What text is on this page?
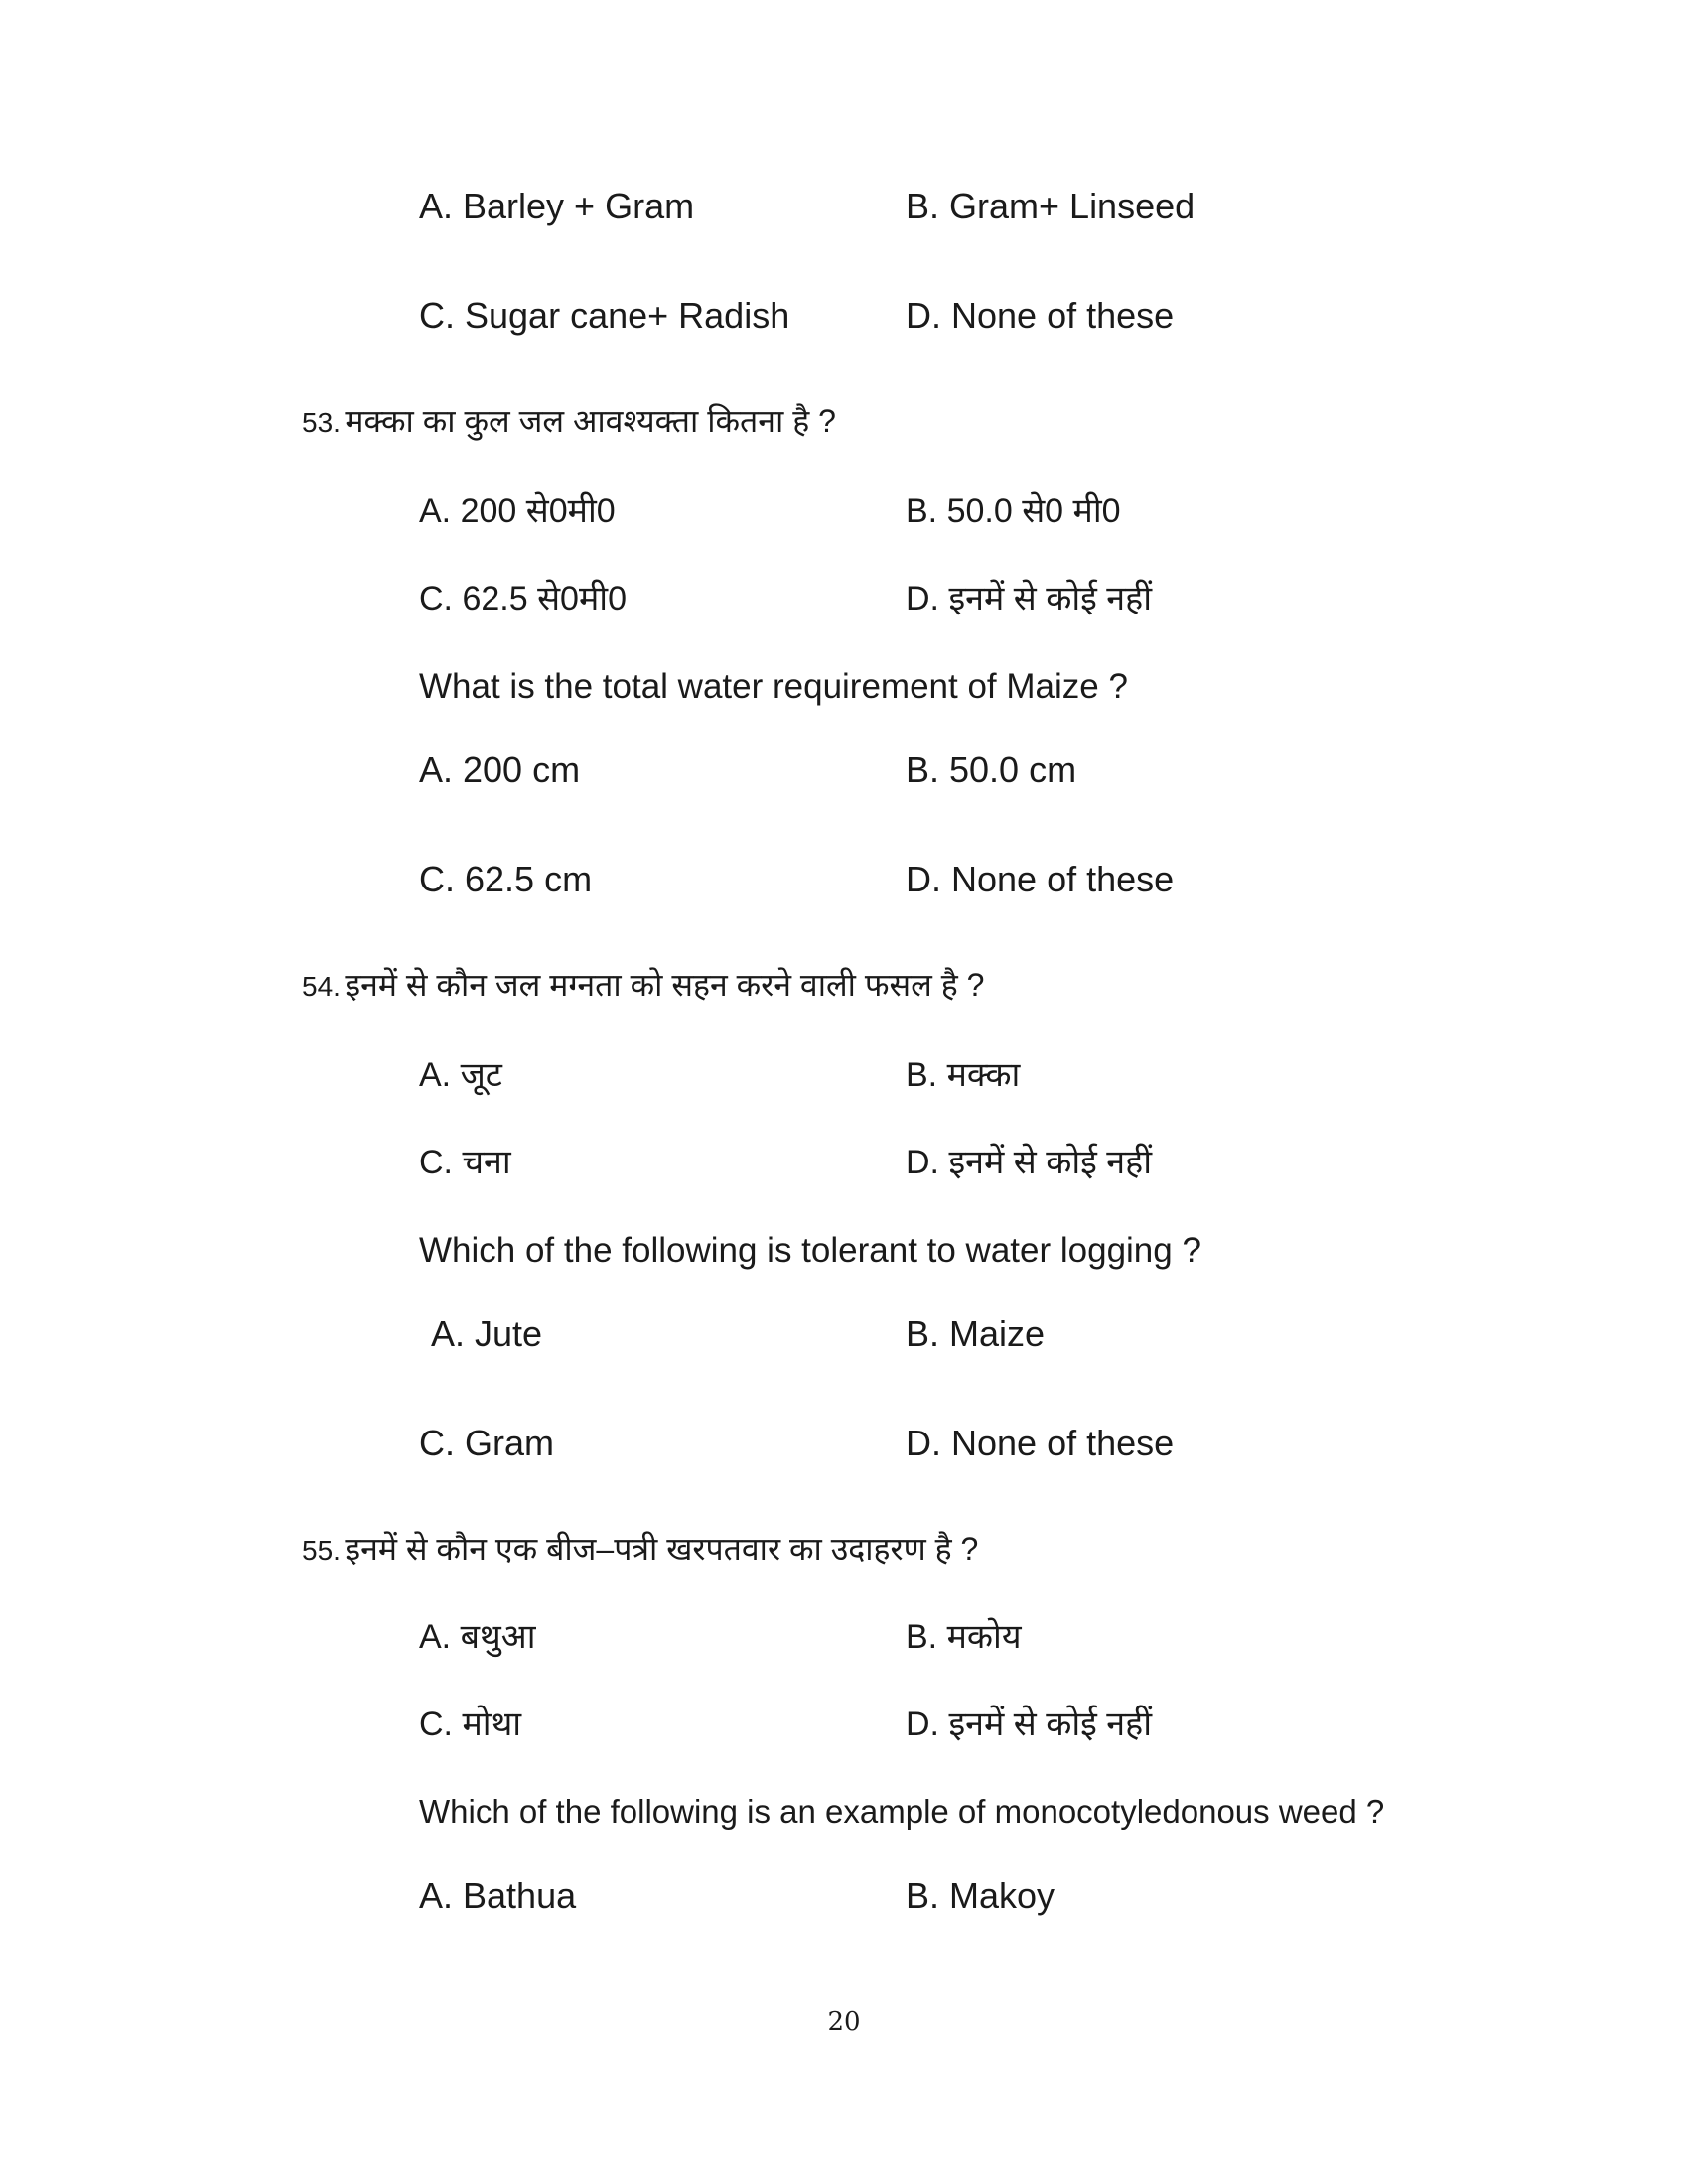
A. Barley + Gram	B. Gram+ Linseed
C. Sugar cane+ Radish	D. None of these
53. मक्का का कुल जल आवश्यक्ता कितना है ?
A. 200 से0मी0	B. 50.0 से0 मी0
C. 62.5 से0मी0	D. इनमें से कोई नहीं
What is the total water requirement of Maize ?
A. 200 cm	B. 50.0 cm
C. 62.5 cm	D. None of these
54. इनमें से कौन जल मग्नता को सहन करने वाली फसल है ?
A. जूट	B. मक्का
C. चना	D. इनमें से कोई नहीं
Which of the following is tolerant to water logging ?
A. Jute	B. Maize
C. Gram	D. None of these
55. इनमें से कौन एक बीज–पत्री खरपतवार का उदाहरण है ?
A. बथुआ	B. मकोय
C. मोथा	D. इनमें से कोई नहीं
Which of the following is an example of monocotyledonous weed ?
A. Bathua	B. Makoy
20
